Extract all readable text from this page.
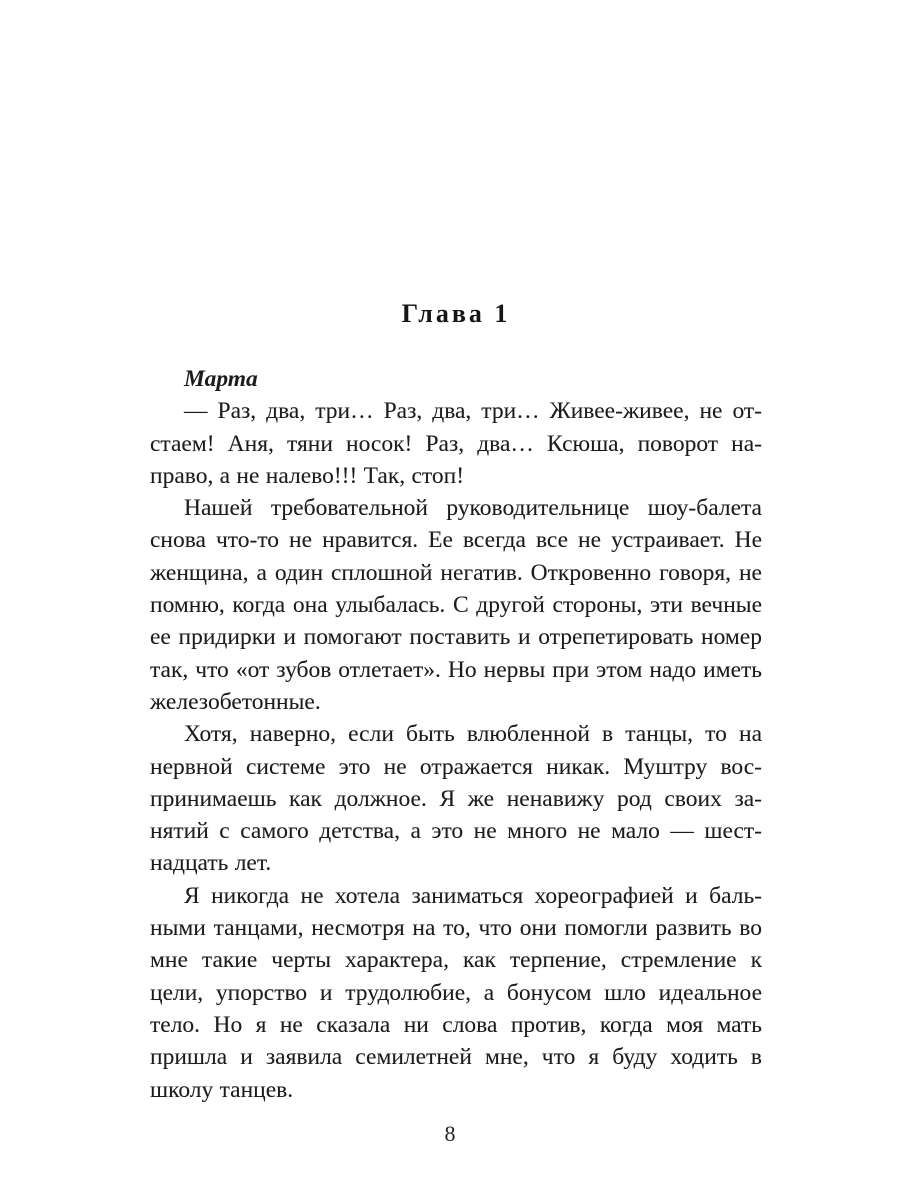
Глава 1

Марта

— Раз, два, три… Раз, два, три… Живее-живее, не отстаем! Аня, тяни носок! Раз, два… Ксюша, поворот направо, а не налево!!! Так, стоп!

Нашей требовательной руководительнице шоу-балета снова что-то не нравится. Ее всегда все не устраивает. Не женщина, а один сплошной негатив. Откровенно говоря, не помню, когда она улыбалась. С другой стороны, эти вечные ее придирки и помогают поставить и отрепетировать номер так, что «от зубов отлетает». Но нервы при этом надо иметь железобетонные.

Хотя, наверно, если быть влюбленной в танцы, то на нервной системе это не отражается никак. Муштру воспринимаешь как должное. Я же ненавижу род своих занятий с самого детства, а это не много не мало — шестнадцать лет.

Я никогда не хотела заниматься хореографией и бальными танцами, несмотря на то, что они помогли развить во мне такие черты характера, как терпение, стремление к цели, упорство и трудолюбие, а бонусом шло идеальное тело. Но я не сказала ни слова против, когда моя мать пришла и заявила семилетней мне, что я буду ходить в школу танцев.

8
